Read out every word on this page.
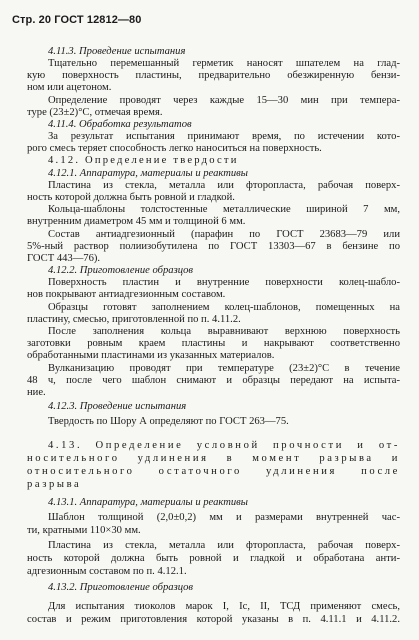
Стр. 20 ГОСТ 12812—80
4.11.3. Проведение испытания
Тщательно перемешанный герметик наносят шпателем на глад-
кую поверхность пластины, предварительно обезжиренную бензи-
ном или ацетоном.
Определение проводят через каждые 15—30 мин при темпера-
туре (23±2)°С, отмечая время.
4.11.4. Обработка результатов
За результат испытания принимают время, по истечении кото-
рого смесь теряет способность легко наноситься на поверхность.
4.12. Определение твердости
4.12.1. Аппаратура, материалы и реактивы
Пластина из стекла, металла или фторопласта, рабочая поверх-
ность которой должна быть ровной и гладкой.
Кольца-шаблоны толстостенные металлические шириной 7 мм,
внутренним диаметром 45 мм и толщиной 6 мм.
Состав антиадгезионный (парафин по ГОСТ 23683—79 или
5%-ный раствор полиизобутилена по ГОСТ 13303—67 в бензине по
ГОСТ 443—76).
4.12.2. Приготовление образцов
Поверхность пластин и внутренние поверхности колец-шабло-
нов покрывают антиадгезионным составом.
Образцы готовят заполнением колец-шаблонов, помещенных на
пластину, смесью, приготовленной по п. 4.11.2.
После заполнения кольца выравнивают верхнюю поверхность
заготовки ровным краем пластины и накрывают соответственно
обработанными пластинами из указанных материалов.
Вулканизацию проводят при температуре (23±2)°С в течение
48 ч, после чего шаблон снимают и образцы передают на испыта-
ние.
4.12.3. Проведение испытания
Твердость по Шору А определяют по ГОСТ 263—75.
4.13. Определение условной прочности и от-
носительного удлинения в момент разрыва и
относительного остаточного удлинения после
разрыва
4.13.1. Аппаратура, материалы и реактивы
Шаблон толщиной (2,0±0,2) мм и размерами внутренней час-
ти, кратными 110×30 мм.
Пластина из стекла, металла или фторопласта, рабочая поверх-
ность которой должна быть ровной и гладкой и обработана анти-
адгезионным составом по п. 4.12.1.
4.13.2. Приготовление образцов
Для испытания тиоколов марок I, Iс, II, ТСД применяют смесь,
состав и режим приготовления которой указаны в п. 4.11.1 и 4.11.2.
